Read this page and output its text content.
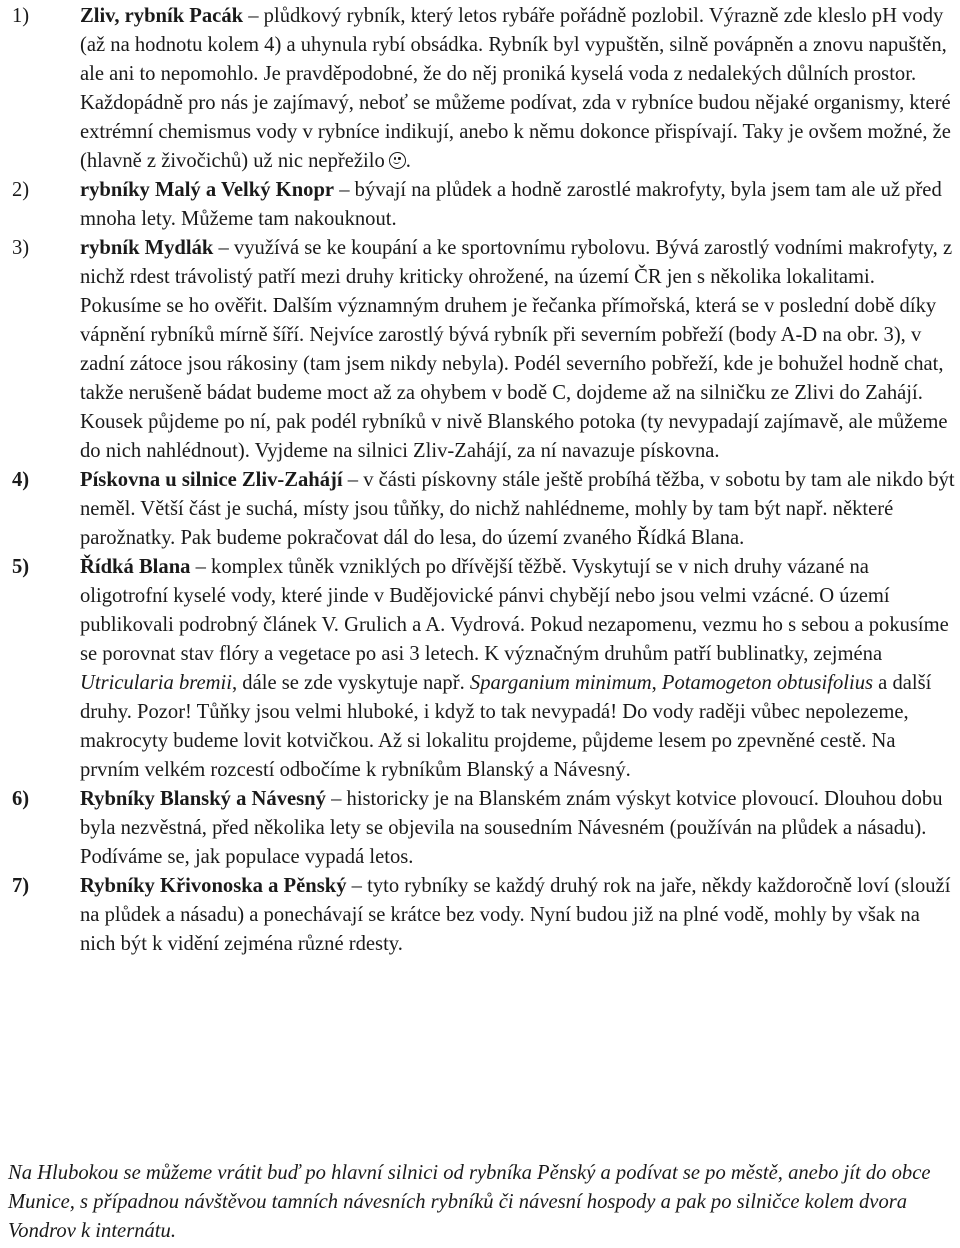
1) Zliv, rybník Pacák – plůdkový rybník, který letos rybáře pořádně pozlobil. Výrazně zde kleslo pH vody (až na hodnotu kolem 4) a uhynula rybí obsádka. Rybník byl vypuštěn, silně povápněn a znovu napuštěn, ale ani to nepomohlo. Je pravděpodobné, že do něj proniká kyselá voda z nedalekých důlních prostor. Každopádně pro nás je zajímavý, neboť se můžeme podívat, zda v rybníce budou nějaké organismy, které extrémní chemismus vody v rybníce indikují, anebo k němu dokonce přispívají. Taky je ovšem možné, že (hlavně z živočichů) už nic nepřežilo .
2) rybníky Malý a Velký Knopr – bývají na plůdek a hodně zarostlé makrofyty, byla jsem tam ale už před mnoha lety. Můžeme tam nakouknout.
3) rybník Mydlák – využívá se ke koupání a ke sportovnímu rybolovu. Bývá zarostlý vodními makrofyty, z nichž rdest trávolistý patří mezi druhy kriticky ohrožené, na území ČR jen s několika lokalitami. Pokusíme se ho ověřit. Dalším významným druhem je řečanka přímořská, která se v poslední době díky vápnění rybníků mírně šíří. Nejvíce zarostlý bývá rybník při severním pobřeží (body A-D na obr. 3), v zadní zátoce jsou rákosiny (tam jsem nikdy nebyla). Podél severního pobřeží, kde je bohužel hodně chat, takže nerušeně bádat budeme moct až za ohybem v bodě C, dojdeme až na silničku ze Zlivi do Zahájí. Kousek půjdeme po ní, pak podél rybníků v nivě Blanského potoka (ty nevypadají zajímavě, ale můžeme do nich nahlédnout). Vyjdeme na silnici Zliv-Zahájí, za ní navazuje pískovna.
4) Pískovna u silnice Zliv-Zahájí – v části pískovny stále ještě probíhá těžba, v sobotu by tam ale nikdo být neměl. Větší část je suchá, místy jsou tůňky, do nichž nahlédneme, mohly by tam být např. některé parožnatky. Pak budeme pokračovat dál do lesa, do území zvaného Řídká Blana.
5) Řídká Blana – komplex tůněk vzniklých po dřívější těžbě. Vyskytují se v nich druhy vázané na oligotrofní kyselé vody, které jinde v Budějovické pánvi chybějí nebo jsou velmi vzácné. O území publikovali podrobný článek V. Grulich a A. Vydrová. Pokud nezapomenu, vezmu ho s sebou a pokusíme se porovnat stav flóry a vegetace po asi 3 letech. K význačným druhům patří bublinatky, zejména Utricularia bremii, dále se zde vyskytuje např. Sparganium minimum, Potamogeton obtusifolius a další druhy. Pozor! Tůňky jsou velmi hluboké, i když to tak nevypadá! Do vody raději vůbec nepolezeme, makrocyty budeme lovit kotvičkou. Až si lokalitu projdeme, půjdeme lesem po zpevněné cestě. Na prvním velkém rozcestí odbočíme k rybníkům Blanský a Návesný.
6) Rybníky Blanský a Návesný – historicky je na Blanském znám výskyt kotvice plovoucí. Dlouhou dobu byla nezvěstná, před několika lety se objevila na sousedním Návesném (používán na plůdek a násadu). Podíváme se, jak populace vypadá letos.
7) Rybníky Křivonoska a Pěnský – tyto rybníky se každý druhý rok na jaře, někdy každoročně loví (slouží na plůdek a násadu) a ponechávají se krátce bez vody. Nyní budou již na plné vodě, mohly by však na nich být k vidění zejména různé rdesty.
Na Hlubokou se můžeme vrátit buď po hlavní silnici od rybníka Pěnský a podívat se po městě, anebo jít do obce Munice, s případnou návštěvou tamních návesních rybníků či návesní hospody a pak po silničce kolem dvora Vondrov k internátu.
